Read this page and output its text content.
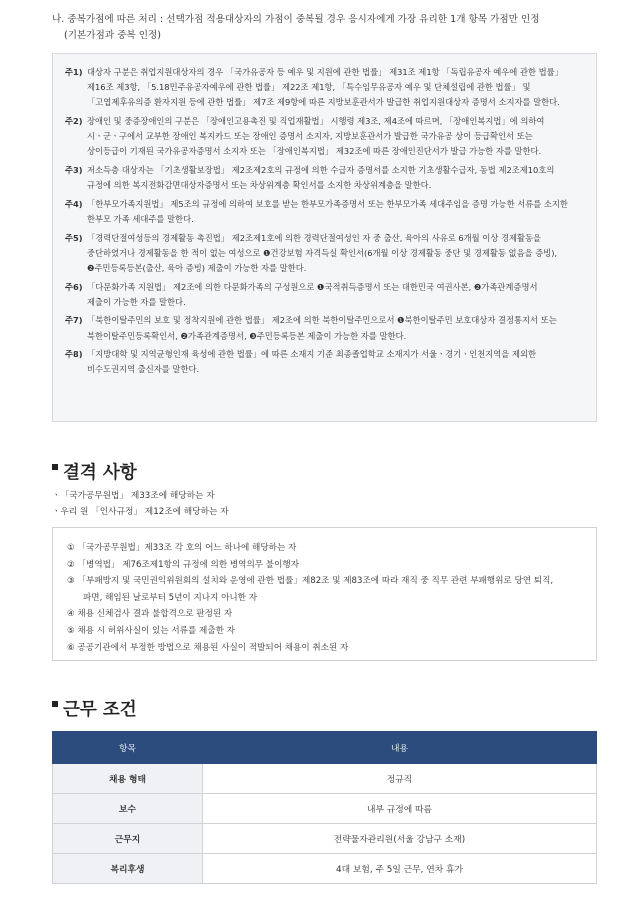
나. 중복가점에 따른 처리 : 선택가점 적용대상자의 가점이 중복될 경우 응시자에게 가장 유리한 1개 항목 가점만 인정
(기본가점과 중복 인정)
주1) 대상자 구분은 취업지원대상자의 경우 「국가유공자 등 예우 및 지원에 관한 법률」 제31조 제1항 「독립유공자 예우에 관한 법률」
제16조 제3항, 「5.18민주유공자예우에 관한 법률」 제22조 제1항, 「특수임무유공자 예우 및 단체설립에 관한 법률」 및
「고엽제후유의증 환자지원 등에 관한 법률」 제7조 제9항에 따른 지방보훈관서가 발급한 취업지원대상자 증명서 소지자를 말한다.
주2) 장애인 및 중증장애인의 구분은 「장애인고용촉진 및 직업재활법」 시행령 제3조, 제4조에 따르며, 「장애인복지법」에 의하여
시ㆍ군ㆍ구에서 교부한 장애인 복지카드 또는 장애인 증명서 소지자, 지방보훈관서가 발급한 국가유공 상이 등급확인서 또는
상이등급이 기재된 국가유공자증명서 소지자 또는 「장애인복지법」 제32조에 따른 장애인진단서가 발급 가능한 자를 말한다.
주3) 저소득층 대상자는 「기초생활보장법」 제2조제2호의 규정에 의한 수급자 증명서를 소지한 기초생활수급자, 동법 제2조제10호의
규정에 의한 복지전화감면대상자증명서 또는 차상위계층 확인서를 소지한 차상위계층을 말한다.
주4) 「한부모가족지원법」 제5조의 규정에 의하여 보호를 받는 한부모가족증명서 또는 한부모가족 세대주임을 증명 가능한 서류를 소지한
한부모 가족 세대주를 말한다.
주5) 「경력단절여성등의 경제활동 촉진법」 제2조제1호에 의한 경력단절여성인 자 중 출산, 육아의 사유로 6개월 이상 경제활동을
중단하였거나 경제활동을 한 적이 없는 여성으로 ❶건강보험 자격득실 확인서(6개월 이상 경제활동 중단 및 경제활동 없음을 증빙),
❷주민등록등본(출산, 육아 증빙) 제출이 가능한 자를 말한다.
주6) 「다문화가족 지원법」 제2조에 의한 다문화가족의 구성원으로 ❶국적취득증명서 또는 대한민국 여권사본, ❷가족관계증명서
제출이 가능한 자를 말한다.
주7) 「북한이탈주민의 보호 및 정착지원에 관한 법률」 제2조에 의한 북한이탈주민으로서 ❶북한이탈주민 보호대상자 결정통지서 또는
북한이탈주민등록확인서, ❷가족관계증명서, ❸주민등록등본 제출이 가능한 자를 말한다.
주8) 「지방대학 및 지역균형인재 육성에 관한 법률」에 따른 소재지 기준 최종졸업학교 소재지가 서울ㆍ경기ㆍ인천지역을 제외한
비수도권지역 출신자를 말한다.
결격 사항
ㆍ「국가공무원법」 제33조에 해당하는 자
ㆍ우리 원 「인사규정」 제12조에 해당하는 자
① 「국가공무원법」제33조 각 호의 어느 하나에 해당하는 자
② 「병역법」 제76조제1항의 규정에 의한 병역의무 불이행자
③ 「부패방지 및 국민권익위원회의 설치와 운영에 관한 법률」제82조 및 제83조에 따라 재직 중 직무 관련 부패행위로 당연 퇴직,
파면, 해임된 날로부터 5년이 지나지 아니한 자
④ 채용 신체검사 결과 불합격으로 판정된 자
⑤ 채용 시 허위사실이 있는 서류를 제출한 자
⑥ 공공기관에서 부정한 방법으로 채용된 사실이 적발되어 채용이 취소된 자
근무 조건
항목	내용
채용 형태	정규직
보수	내부 규정에 따름
근무지	전략물자관리원(서울 강남구 소재)
복리후생	4대 보험, 주 5일 근무, 연차 휴가
